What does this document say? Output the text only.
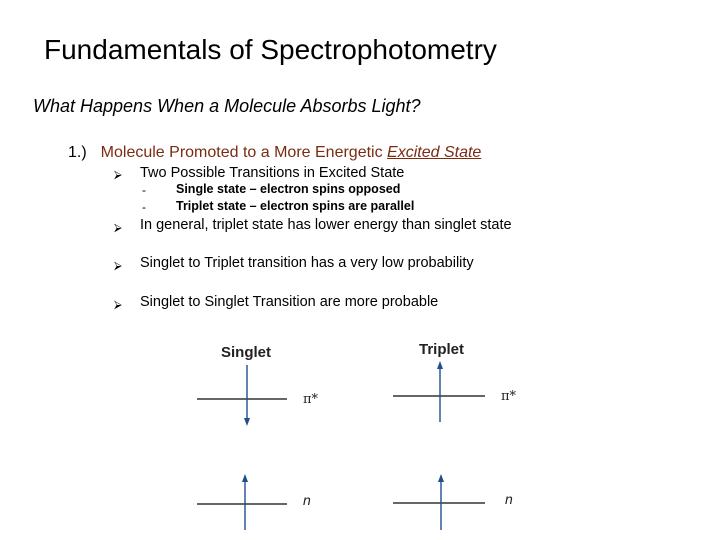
Fundamentals of Spectrophotometry
What Happens When a Molecule Absorbs Light?
1.) Molecule Promoted to a More Energetic Excited State
⮚ Two Possible Transitions in Excited State
- Single state – electron spins opposed
- Triplet state – electron spins are parallel
⮚ In general, triplet state has lower energy than singlet state
⮚ Singlet to Triplet transition has a very low probability
⮚ Singlet to Singlet Transition are more probable
Singlet	Triplet
π*	π*
n	n
